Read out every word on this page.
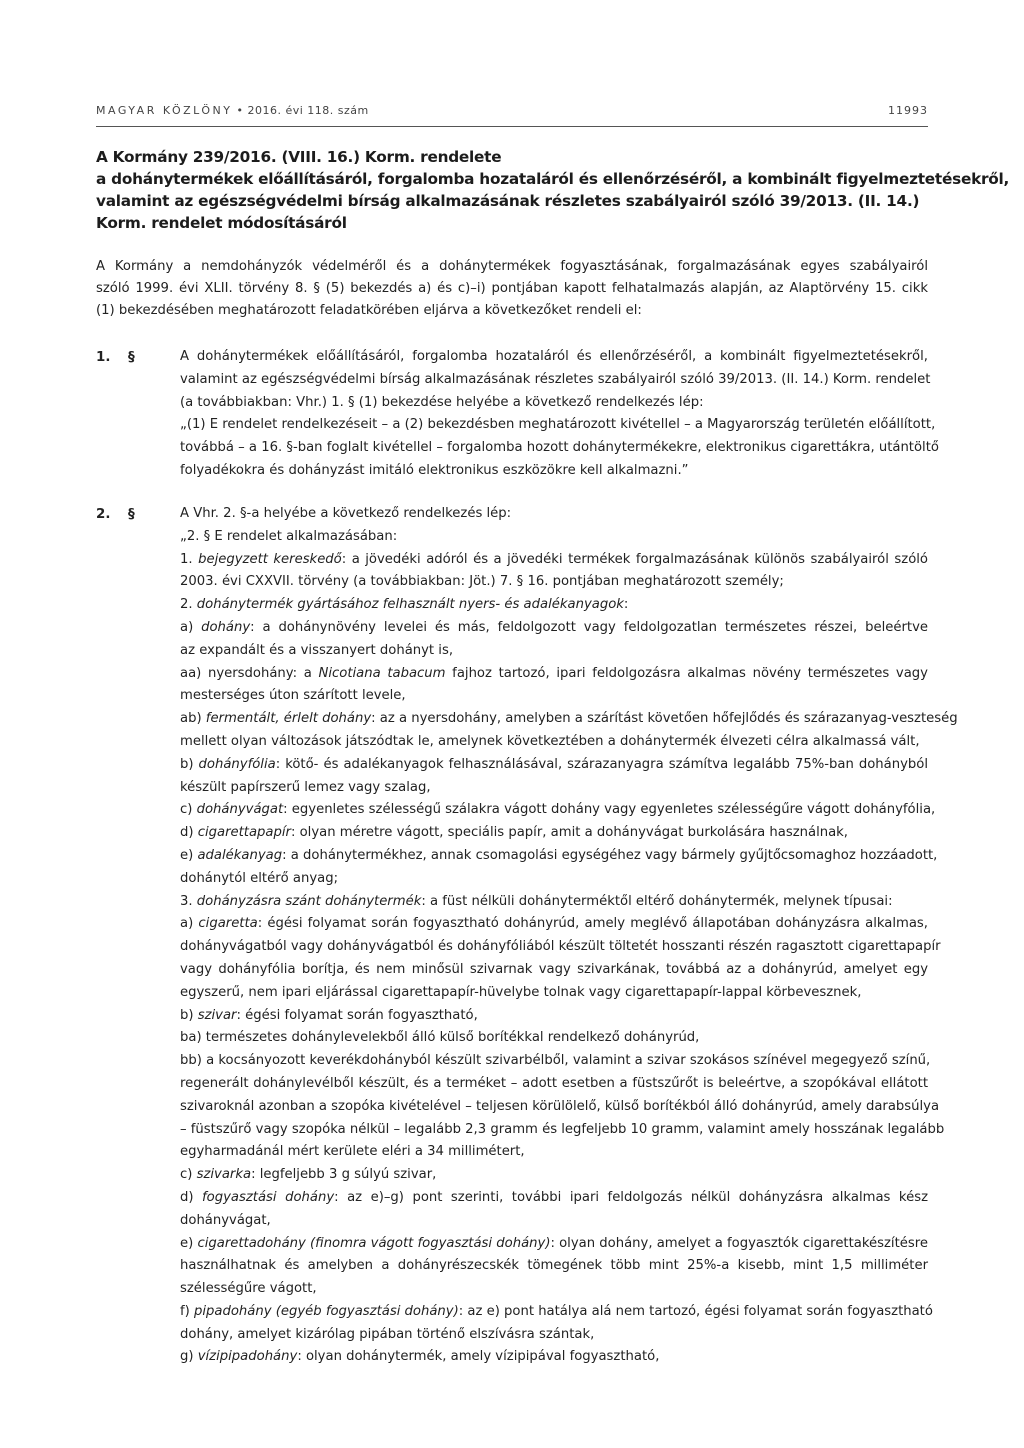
MAGYAR KÖZLÖNY • 2016. évi 118. szám	11993
A Kormány 239/2016. (VIII. 16.) Korm. rendelete
a dohánytermékek előállításáról, forgalomba hozataláról és ellenőrzéséről, a kombinált figyelmeztetésekről,
valamint az egészségvédelmi bírság alkalmazásának részletes szabályairól szóló 39/2013. (II. 14.)
Korm. rendelet módosításáról
A Kormány a nemdohányzók védelméről és a dohánytermékek fogyasztásának, forgalmazásának egyes szabályairól
szóló 1999. évi XLII. törvény 8. § (5) bekezdés a) és c)–i) pontjában kapott felhatalmazás alapján, az Alaptörvény 15. cikk
(1) bekezdésében meghatározott feladatkörében eljárva a következőket rendeli el:
1. §	A dohánytermékek előállításáról, forgalomba hozataláról és ellenőrzéséről, a kombinált figyelmeztetésekről,
valamint az egészségvédelmi bírság alkalmazásának részletes szabályairól szóló 39/2013. (II. 14.) Korm. rendelet
(a továbbiakban: Vhr.) 1. § (1) bekezdése helyébe a következő rendelkezés lép:
„(1) E rendelet rendelkezéseit – a (2) bekezdésben meghatározott kivétellel – a Magyarország területén előállított,
továbbá – a 16. §-ban foglalt kivétellel – forgalomba hozott dohánytermékekre, elektronikus cigarettákra, utántöltő
folyadékokra és dohányzást imitáló elektronikus eszközökre kell alkalmazni.”
2. §	A Vhr. 2. §-a helyébe a következő rendelkezés lép:
„2. § E rendelet alkalmazásában:
1. bejegyzett kereskedő: a jövedéki adóról és a jövedéki termékek forgalmazásának különös szabályairól szóló
2003. évi CXXVII. törvény (a továbbiakban: Jöt.) 7. § 16. pontjában meghatározott személy;
2. dohánytermék gyártásához felhasznált nyers- és adalékanyagok:
a) dohány: a dohánynövény levelei és más, feldolgozott vagy feldolgozatlan természetes részei, beleértve
az expandált és a visszanyert dohányt is,
aa) nyersdohány: a Nicotiana tabacum fajhoz tartozó, ipari feldolgozásra alkalmas növény természetes vagy
mesterséges úton szárított levele,
ab) fermentált, érlelt dohány: az a nyersdohány, amelyben a szárítást követően hőfejlődés és szárazanyag-veszteség
mellett olyan változások játszódtak le, amelynek következtében a dohánytermék élvezeti célra alkalmassá vált,
b) dohányfólia: kötő- és adalékanyagok felhasználásával, szárazanyagra számítva legalább 75%-ban dohányból
készült papírszerű lemez vagy szalag,
c) dohányvágat: egyenletes szélességű szálakra vágott dohány vagy egyenletes szélességűre vágott dohányfólia,
d) cigarettapapír: olyan méretre vágott, speciális papír, amit a dohányvágat burkolására használnak,
e) adalékanyag: a dohánytermékhez, annak csomagolási egységéhez vagy bármely gyűjtőcsomaghoz hozzáadott,
dohánytól eltérő anyag;
3. dohányzásra szánt dohánytermék: a füst nélküli dohányterméktől eltérő dohánytermék, melynek típusai:
a) cigaretta: égési folyamat során fogyasztható dohányrúd, amely meglévő állapotában dohányzásra alkalmas,
dohányvágatból vagy dohányvágatból és dohányfóliából készült töltetét hosszanti részén ragasztott cigarettapapír
vagy dohányfólia borítja, és nem minősül szivarnak vagy szivarkának, továbbá az a dohányrúd, amelyet egy
egyszerű, nem ipari eljárással cigarettapapír-hüvelybe tolnak vagy cigarettapapír-lappal körbevesznek,
b) szivar: égési folyamat során fogyasztható,
ba) természetes dohánylevelekből álló külső borítékkal rendelkező dohányrúd,
bb) a kocsányozott keverékdohányból készült szivarbélből, valamint a szivar szokásos színével megegyező színű,
regenerált dohánylevélből készült, és a terméket – adott esetben a füstszűrőt is beleértve, a szopókával ellátott
szivaroknál azonban a szopóka kivételével – teljesen körülölelő, külső borítékból álló dohányrúd, amely darabsúlya
– füstszűrő vagy szopóka nélkül – legalább 2,3 gramm és legfeljebb 10 gramm, valamint amely hosszának legalább
egyharmadánál mért kerülete eléri a 34 millimétert,
c) szivarka: legfeljebb 3 g súlyú szivar,
d) fogyasztási dohány: az e)–g) pont szerinti, további ipari feldolgozás nélkül dohányzásra alkalmas kész
dohányvágat,
e) cigarettadohány (finomra vágott fogyasztási dohány): olyan dohány, amelyet a fogyasztók cigarettakészítésre
használhatnak és amelyben a dohányrészecskék tömegének több mint 25%-a kisebb, mint 1,5 milliméter
szélességűre vágott,
f) pipadohány (egyéb fogyasztási dohány): az e) pont hatálya alá nem tartozó, égési folyamat során fogyasztható
dohány, amelyet kizárólag pipában történő elszívásra szántak,
g) vízipipadohány: olyan dohánytermék, amely vízipipával fogyasztható,
